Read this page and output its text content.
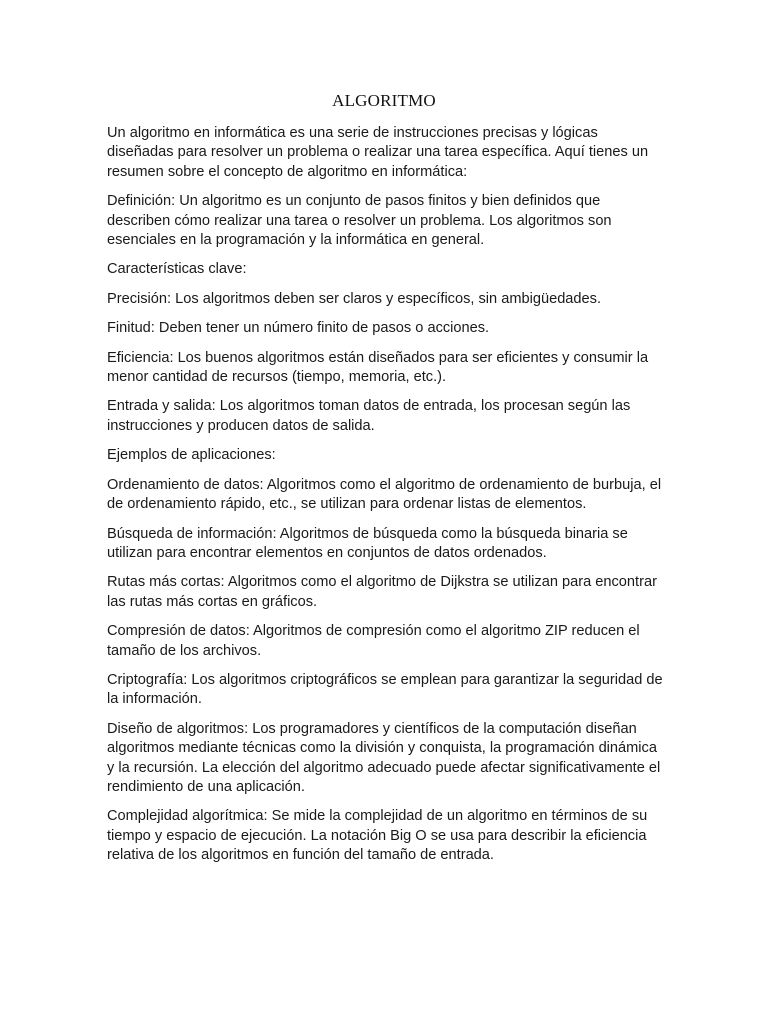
ALGORITMO

Un algoritmo en informática es una serie de instrucciones precisas y lógicas diseñadas para resolver un problema o realizar una tarea específica. Aquí tienes un resumen sobre el concepto de algoritmo en informática:

Definición: Un algoritmo es un conjunto de pasos finitos y bien definidos que describen cómo realizar una tarea o resolver un problema. Los algoritmos son esenciales en la programación y la informática en general.

Características clave:

Precisión: Los algoritmos deben ser claros y específicos, sin ambigüedades.

Finitud: Deben tener un número finito de pasos o acciones.

Eficiencia: Los buenos algoritmos están diseñados para ser eficientes y consumir la menor cantidad de recursos (tiempo, memoria, etc.).

Entrada y salida: Los algoritmos toman datos de entrada, los procesan según las instrucciones y producen datos de salida.

Ejemplos de aplicaciones:

Ordenamiento de datos: Algoritmos como el algoritmo de ordenamiento de burbuja, el de ordenamiento rápido, etc., se utilizan para ordenar listas de elementos.

Búsqueda de información: Algoritmos de búsqueda como la búsqueda binaria se utilizan para encontrar elementos en conjuntos de datos ordenados.

Rutas más cortas: Algoritmos como el algoritmo de Dijkstra se utilizan para encontrar las rutas más cortas en gráficos.

Compresión de datos: Algoritmos de compresión como el algoritmo ZIP reducen el tamaño de los archivos.

Criptografía: Los algoritmos criptográficos se emplean para garantizar la seguridad de la información.

Diseño de algoritmos: Los programadores y científicos de la computación diseñan algoritmos mediante técnicas como la división y conquista, la programación dinámica y la recursión. La elección del algoritmo adecuado puede afectar significativamente el rendimiento de una aplicación.

Complejidad algorítmica: Se mide la complejidad de un algoritmo en términos de su tiempo y espacio de ejecución. La notación Big O se usa para describir la eficiencia relativa de los algoritmos en función del tamaño de entrada.
